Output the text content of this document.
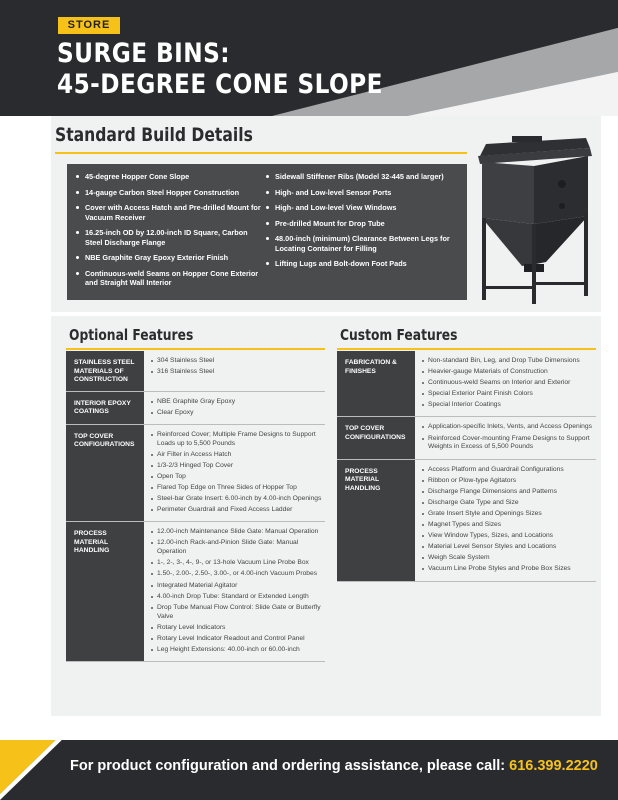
STORE
SURGE BINS:
45-DEGREE CONE SLOPE
Standard Build Details
45-degree Hopper Cone Slope
14-gauge Carbon Steel Hopper Construction
Cover with Access Hatch and Pre-drilled Mount for Vacuum Receiver
16.25-inch OD by 12.00-inch ID Square, Carbon Steel Discharge Flange
NBE Graphite Gray Epoxy Exterior Finish
Continuous-weld Seams on Hopper Cone Exterior and Straight Wall Interior
Sidewall Stiffener Ribs (Model 32-445 and larger)
High- and Low-level Sensor Ports
High- and Low-level View Windows
Pre-drilled Mount for Drop Tube
48.00-inch (minimum) Clearance Between Legs for Locating Container for Filling
Lifting Lugs and Bolt-down Foot Pads
Optional Features	Custom Features
STAINLESS STEEL MATERIALS OF CONSTRUCTION
304 Stainless Steel
316 Stainless Steel
INTERIOR EPOXY COATINGS
NBE Graphite Gray Epoxy
Clear Epoxy
TOP COVER CONFIGURATIONS
Reinforced Cover; Multiple Frame Designs to Support Loads up to 5,500 Pounds
Air Filter in Access Hatch
1/3-2/3 Hinged Top Cover
Open Top
Flared Top Edge on Three Sides of Hopper Top
Steel-bar Grate Insert: 6.00-inch by 4.00-inch Openings
Perimeter Guardrail and Fixed Access Ladder
PROCESS MATERIAL HANDLING
12.00-inch Maintenance Slide Gate: Manual Operation
12.00-inch Rack-and-Pinion Slide Gate: Manual Operation
1-, 2-, 3-, 4-, 9-, or 13-hole Vacuum Line Probe Box
1.50-, 2.00-, 2.50-, 3.00-, or 4.00-inch Vacuum Probes
Integrated Material Agitator
4.00-inch Drop Tube: Standard or Extended Length
Drop Tube Manual Flow Control: Slide Gate or Butterfly Valve
Rotary Level Indicators
Rotary Level Indicator Readout and Control Panel
Leg Height Extensions: 40.00-inch or 60.00-inch
FABRICATION & FINISHES
Non-standard Bin, Leg, and Drop Tube Dimensions
Heavier-gauge Materials of Construction
Continuous-weld Seams on Interior and Exterior
Special Exterior Paint Finish Colors
Special Interior Coatings
TOP COVER CONFIGURATIONS
Application-specific Inlets, Vents, and Access Openings
Reinforced Cover-mounting Frame Designs to Support Weights in Excess of 5,500 Pounds
PROCESS MATERIAL HANDLING
Access Platform and Guardrail Configurations
Ribbon or Plow-type Agitators
Discharge Flange Dimensions and Patterns
Discharge Gate Type and Size
Grate Insert Style and Openings Sizes
Magnet Types and Sizes
View Window Types, Sizes, and Locations
Material Level Sensor Styles and Locations
Weigh Scale System
Vacuum Line Probe Styles and Probe Box Sizes
For product configuration and ordering assistance, please call: 616.399.2220
